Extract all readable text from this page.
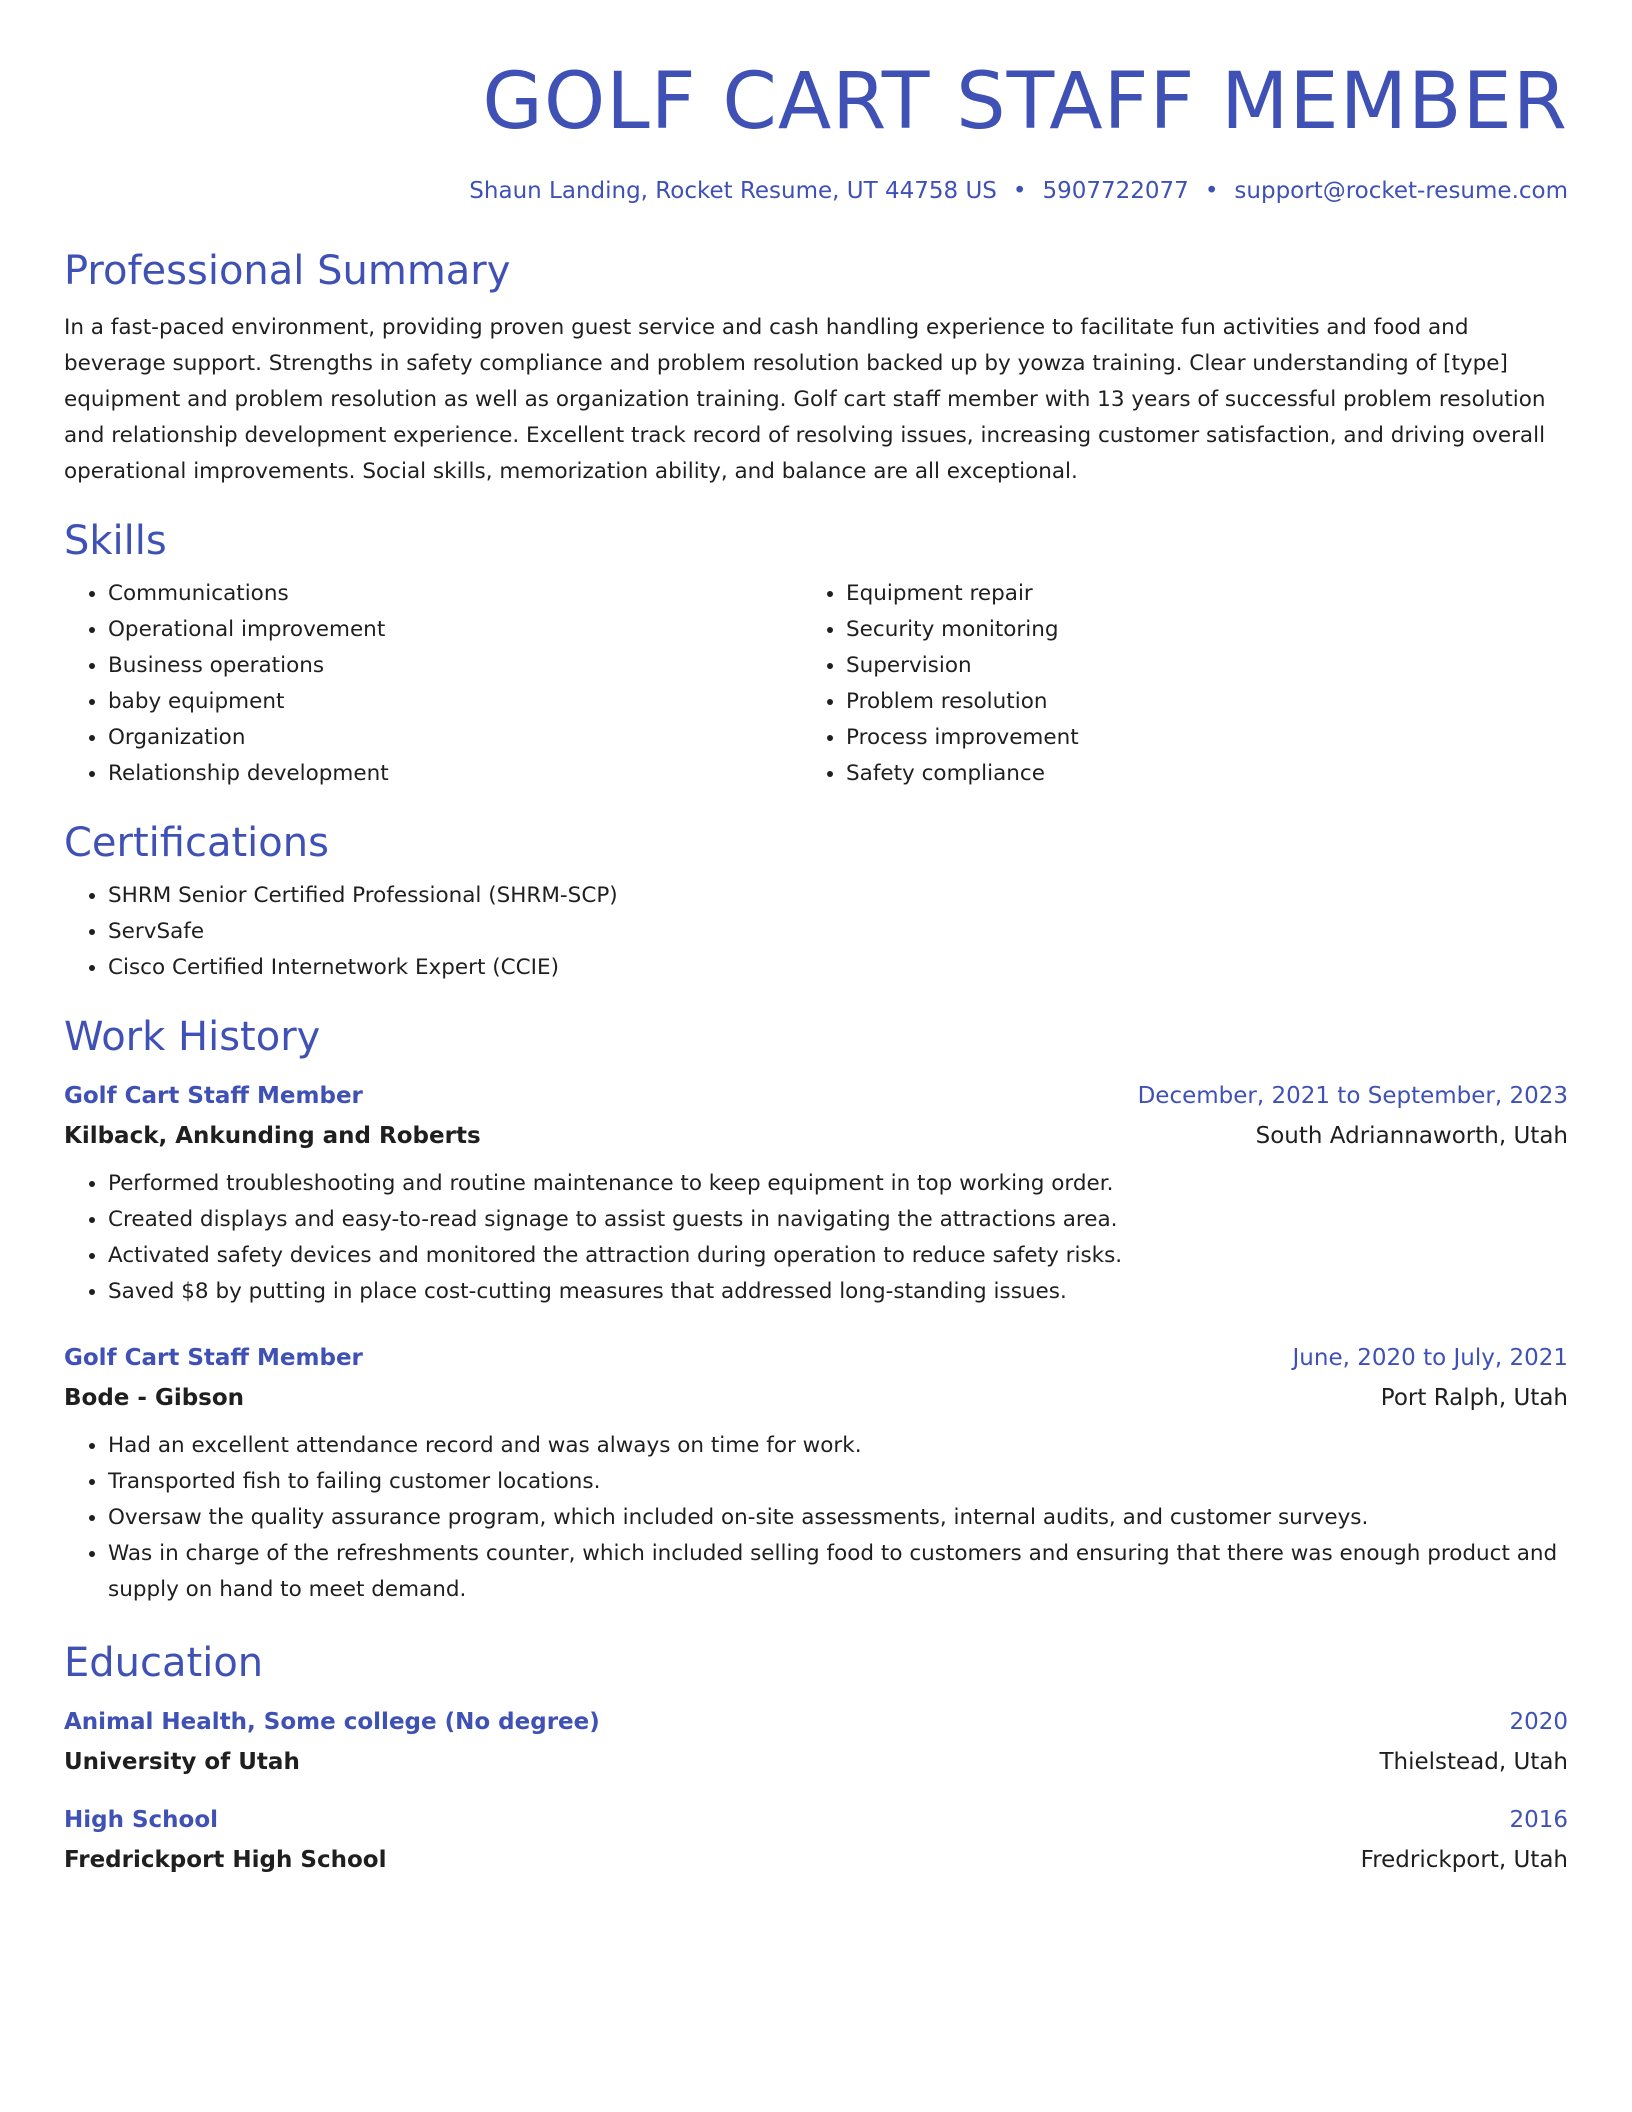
GOLF CART STAFF MEMBER
Shaun Landing, Rocket Resume, UT 44758 US • 5907722077 • support@rocket-resume.com
Professional Summary

In a fast-paced environment, providing proven guest service and cash handling experience to facilitate fun activities and food and beverage support. Strengths in safety compliance and problem resolution backed up by yowza training. Clear understanding of [type] equipment and problem resolution as well as organization training. Golf cart staff member with 13 years of successful problem resolution and relationship development experience. Excellent track record of resolving issues, increasing customer satisfaction, and driving overall operational improvements. Social skills, memorization ability, and balance are all exceptional.

Skills
• Communications
• Operational improvement
• Business operations
• baby equipment
• Organization
• Relationship development
• Equipment repair
• Security monitoring
• Supervision
• Problem resolution
• Process improvement
• Safety compliance
Certifications
• SHRM Senior Certified Professional (SHRM-SCP)
• ServSafe
• Cisco Certified Internetwork Expert (CCIE)
Work History
Golf Cart Staff Member	December, 2021 to September, 2023
Kilback, Ankunding and Roberts	South Adriannaworth, Utah
• Performed troubleshooting and routine maintenance to keep equipment in top working order.
• Created displays and easy-to-read signage to assist guests in navigating the attractions area.
• Activated safety devices and monitored the attraction during operation to reduce safety risks.
• Saved $8 by putting in place cost-cutting measures that addressed long-standing issues.
Golf Cart Staff Member	June, 2020 to July, 2021
Bode - Gibson	Port Ralph, Utah
• Had an excellent attendance record and was always on time for work.
• Transported fish to failing customer locations.
• Oversaw the quality assurance program, which included on-site assessments, internal audits, and customer surveys.
• Was in charge of the refreshments counter, which included selling food to customers and ensuring that there was enough product and supply on hand to meet demand.
Education
Animal Health, Some college (No degree)	2020
University of Utah	Thielstead, Utah
High School	2016
Fredrickport High School	Fredrickport, Utah
